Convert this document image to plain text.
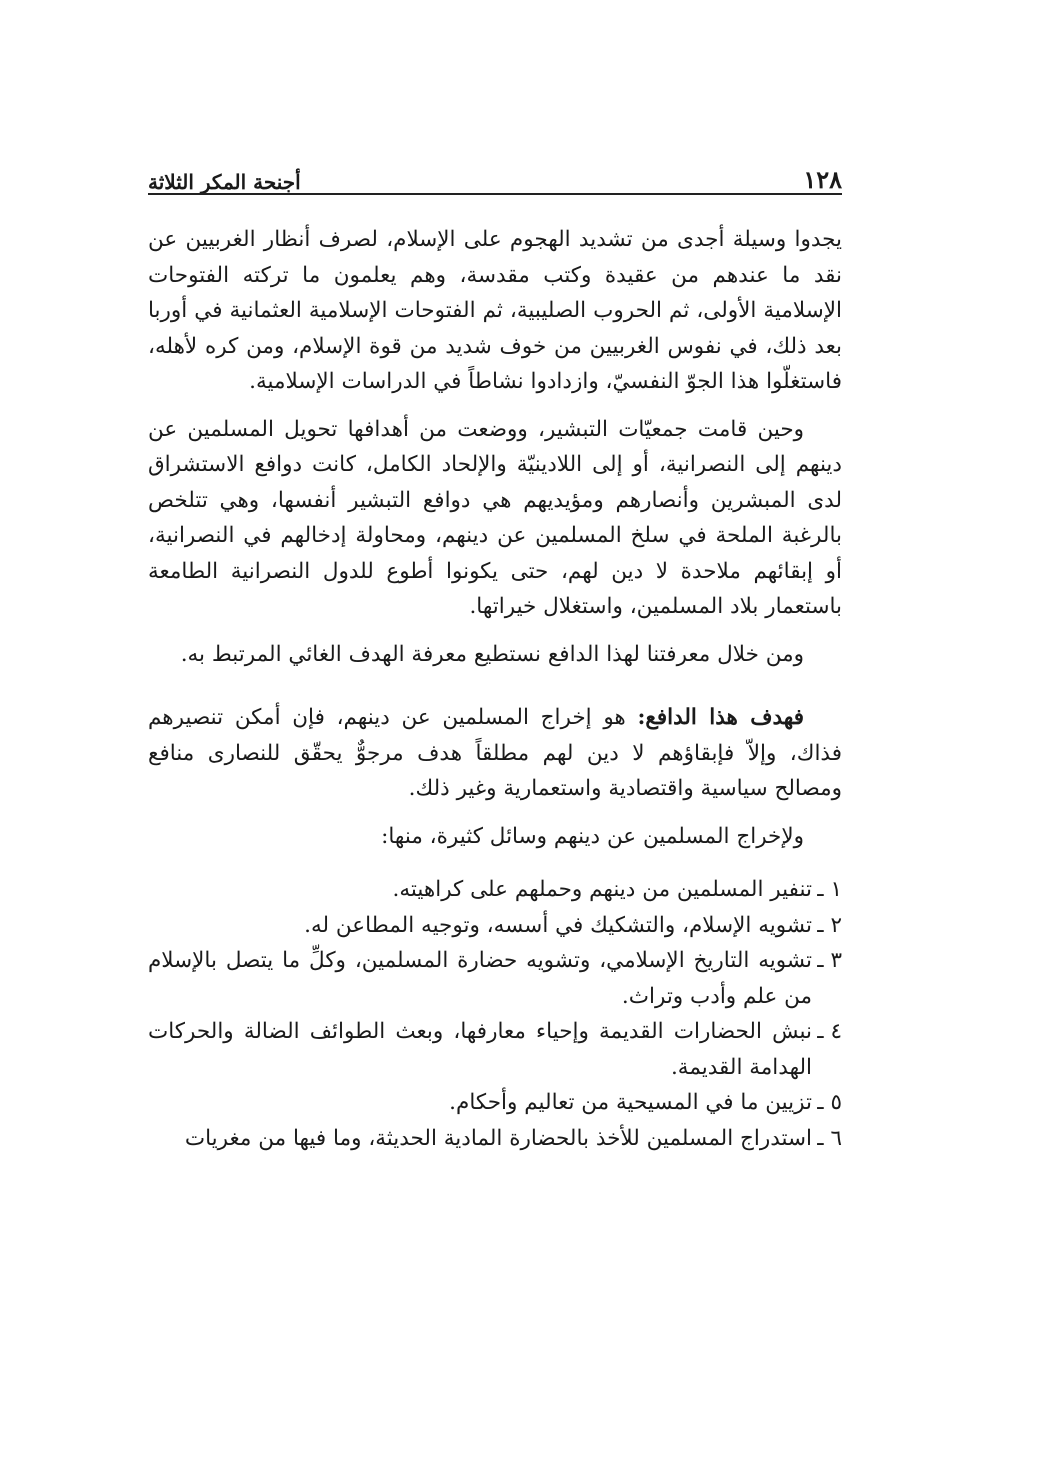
١٢٨
أجنحة المكر الثلاثة

يجدوا وسيلة أجدى من تشديد الهجوم على الإسلام، لصرف أنظار الغربيين عن نقد ما عندهم من عقيدة وكتب مقدسة، وهم يعلمون ما تركته الفتوحات الإسلامية الأولى، ثم الحروب الصليبية، ثم الفتوحات الإسلامية العثمانية في أوربا بعد ذلك، في نفوس الغربيين من خوف شديد من قوة الإسلام، ومن كره لأهله، فاستغلّوا هذا الجوّ النفسيّ، وازدادوا نشاطاً في الدراسات الإسلامية.

وحين قامت جمعيّات التبشير، ووضعت من أهدافها تحويل المسلمين عن دينهم إلى النصرانية، أو إلى اللادينيّة والإلحاد الكامل، كانت دوافع الاستشراق لدى المبشرين وأنصارهم ومؤيديهم هي دوافع التبشير أنفسها، وهي تتلخص بالرغبة الملحة في سلخ المسلمين عن دينهم، ومحاولة إدخالهم في النصرانية، أو إبقائهم ملاحدة لا دين لهم، حتى يكونوا أطوع للدول النصرانية الطامعة باستعمار بلاد المسلمين، واستغلال خيراتها.

ومن خلال معرفتنا لهذا الدافع نستطيع معرفة الهدف الغائي المرتبط به.

فهدف هذا الدافع: هو إخراج المسلمين عن دينهم، فإن أمكن تنصيرهم فذاك، وإلاّ فإبقاؤهم لا دين لهم مطلقاً هدف مرجوٌّ يحقّق للنصارى منافع ومصالح سياسية واقتصادية واستعمارية وغير ذلك.

ولإخراج المسلمين عن دينهم وسائل كثيرة، منها:

١ ـ
تنفير المسلمين من دينهم وحملهم على كراهيته.
٢ ـ
تشويه الإسلام، والتشكيك في أسسه، وتوجيه المطاعن له.
٣ ـ
تشويه التاريخ الإسلامي، وتشويه حضارة المسلمين، وكلِّ ما يتصل بالإسلام من علم وأدب وتراث.
٤ ـ
نبش الحضارات القديمة وإحياء معارفها، وبعث الطوائف الضالة والحركات الهدامة القديمة.
٥ ـ
تزيين ما في المسيحية من تعاليم وأحكام.
٦ ـ
استدراج المسلمين للأخذ بالحضارة المادية الحديثة، وما فيها من مغريات
